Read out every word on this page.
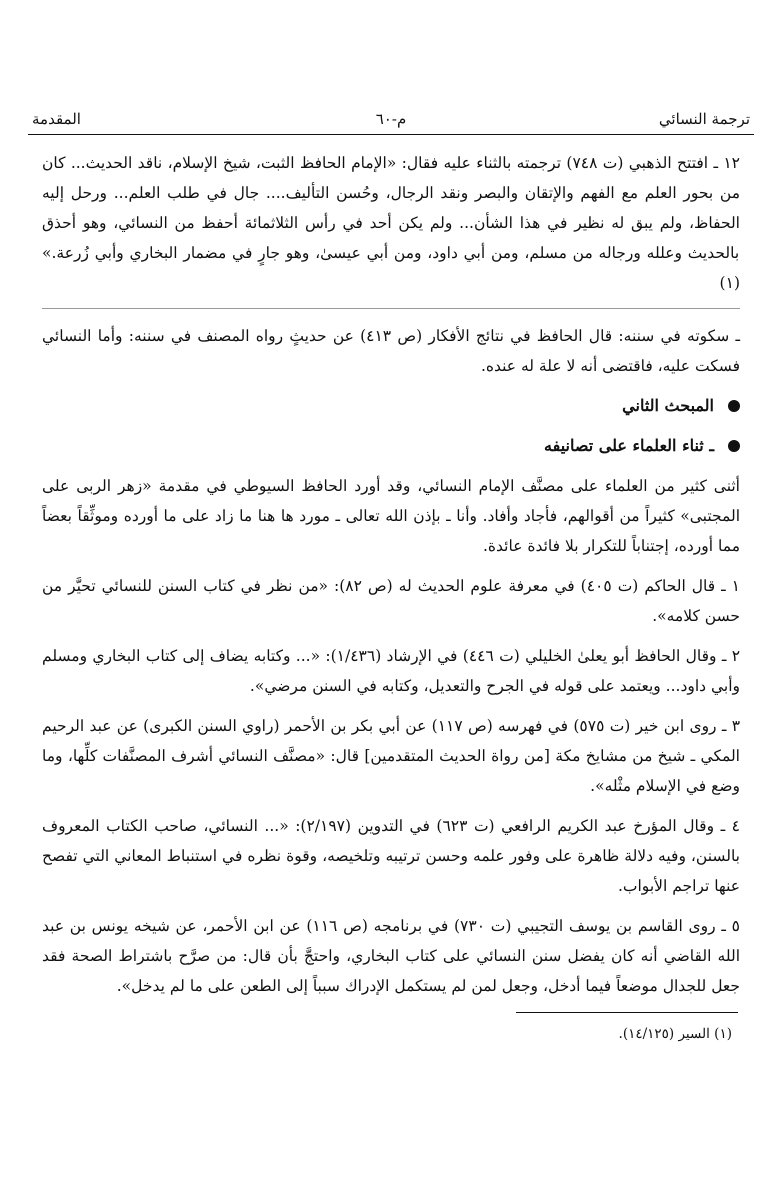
ترجمة النسائي
م-٦٠
المقدمة

١٢ ـ افتتح الذهبي (ت ٧٤٨) ترجمته بالثناء عليه فقال: «الإمام الحافظ الثبت، شيخ الإسلام، ناقد الحديث... كان من بحور العلم مع الفهم والإتقان والبصر ونقد الرجال، وحُسن التأليف.... جال في طلب العلم... ورحل إليه الحفاظ، ولم يبق له نظير في هذا الشأن... ولم يكن أحد في رأس الثلاثمائة أحفظ من النسائي، وهو أحذق بالحديث وعلله ورجاله من مسلم، ومن أبي داود، ومن أبي عيسىٰ، وهو جارٍ في مضمار البخاري وأبي زُرعة.» (١)

ـ سكوته في سننه: قال الحافظ في نتائج الأفكار (ص ٤١٣) عن حديثٍ رواه المصنف في سننه: وأما النسائي فسكت عليه، فاقتضى أنه لا علة له عنده.

المبحث الثاني
ـ ثناء العلماء على تصانيفه

أثنى كثير من العلماء على مصنَّف الإمام النسائي، وقد أورد الحافظ السيوطي في مقدمة «زهر الربى على المجتبى» كثيراً من أقوالهم، فأجاد وأفاد. وأنا ـ بإذن الله تعالى ـ مورد ها هنا ما زاد على ما أورده وموثِّقاً بعضاً مما أورده، إجتناباً للتكرار بلا فائدة عائدة.

١ ـ قال الحاكم (ت ٤٠٥) في معرفة علوم الحديث له (ص ٨٢): «من نظر في كتاب السنن للنسائي تحيَّر من حسن كلامه».

٢ ـ وقال الحافظ أبو يعلىٰ الخليلي (ت ٤٤٦) في الإرشاد (١/٤٣٦): «... وكتابه يضاف إلى كتاب البخاري ومسلم وأبي داود... ويعتمد على قوله في الجرح والتعديل، وكتابه في السنن مرضي».

٣ ـ روى ابن خير (ت ٥٧٥) في فهرسه (ص ١١٧) عن أبي بكر بن الأحمر (راوي السنن الكبرى) عن عبد الرحيم المكي ـ شيخ من مشايخ مكة [من رواة الحديث المتقدمين] قال: «مصنَّف النسائي أشرف المصنَّفات كلِّها، وما وضع في الإسلام مثْله».

٤ ـ وقال المؤرخ عبد الكريم الرافعي (ت ٦٢٣) في التدوين (٢/١٩٧): «... النسائي، صاحب الكتاب المعروف بالسنن، وفيه دلالة ظاهرة على وفور علمه وحسن ترتيبه وتلخيصه، وقوة نظره في استنباط المعاني التي تفصح عنها تراجم الأبواب.

٥ ـ روى القاسم بن يوسف التجيبي (ت ٧٣٠) في برنامجه (ص ١١٦) عن ابن الأحمر، عن شيخه يونس بن عبد الله القاضي أنه كان يفضل سنن النسائي على كتاب البخاري، واحتجَّ بأن قال: من صرَّح باشتراط الصحة فقد جعل للجدال موضعاً فيما أدخل، وجعل لمن لم يستكمل الإدراك سبباً إلى الطعن على ما لم يدخل».

(١) السير (١٤/١٢٥).
